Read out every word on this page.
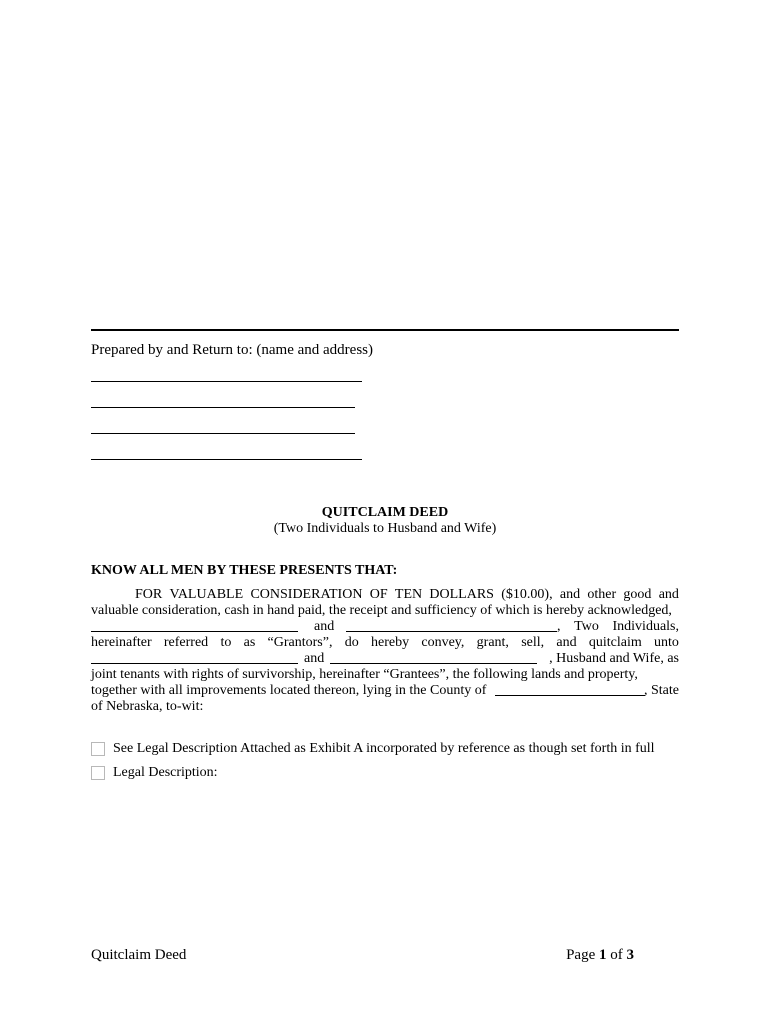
Prepared by and Return to: (name and address)
QUITCLAIM DEED
(Two Individuals to Husband and Wife)
KNOW ALL MEN BY THESE PRESENTS THAT:
FOR VALUABLE CONSIDERATION OF TEN DOLLARS ($10.00), and other good and
valuable consideration, cash in hand paid, the receipt and sufficiency of which is hereby acknowledged,
and	, Two Individuals,
hereinafter referred to as “Grantors”, do hereby convey, grant, sell, and quitclaim unto
and	, Husband and Wife, as
joint tenants with rights of survivorship, hereinafter “Grantees”, the following lands and property,
together with all improvements located thereon, lying in the County of	, State
of Nebraska, to-wit:
See Legal Description Attached as Exhibit A incorporated by reference as though set forth in full
Legal Description:
Quitclaim Deed	Page 1 of 3
